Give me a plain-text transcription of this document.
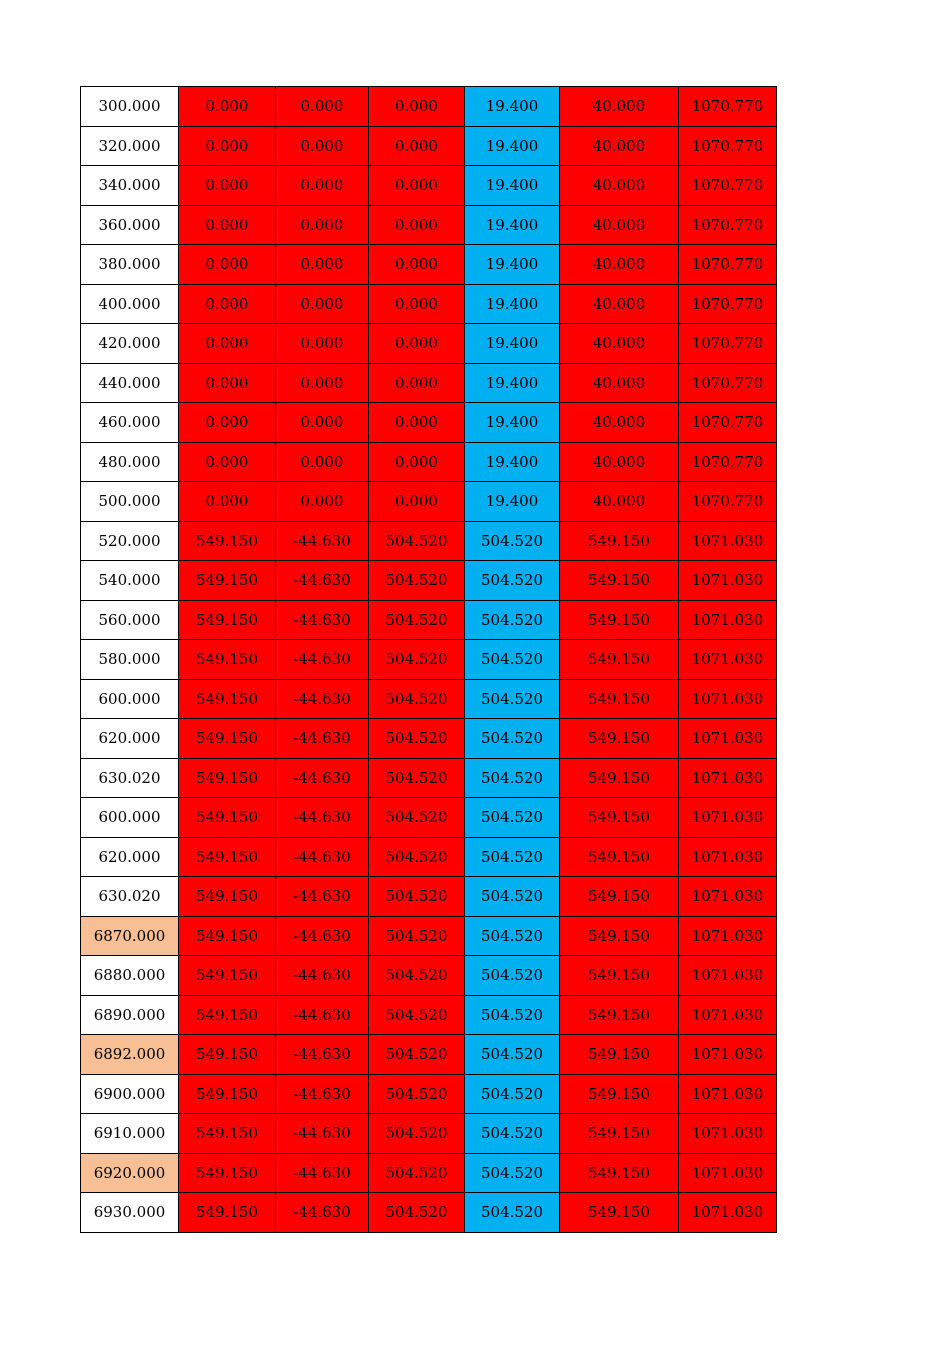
300.000	0.000	0.000	0.000	19.400	40.000	1070.770
320.000	0.000	0.000	0.000	19.400	40.000	1070.770
340.000	0.000	0.000	0.000	19.400	40.000	1070.770
360.000	0.000	0.000	0.000	19.400	40.000	1070.770
380.000	0.000	0.000	0.000	19.400	40.000	1070.770
400.000	0.000	0.000	0.000	19.400	40.000	1070.770
420.000	0.000	0.000	0.000	19.400	40.000	1070.770
440.000	0.000	0.000	0.000	19.400	40.000	1070.770
460.000	0.000	0.000	0.000	19.400	40.000	1070.770
480.000	0.000	0.000	0.000	19.400	40.000	1070.770
500.000	0.000	0.000	0.000	19.400	40.000	1070.770
520.000	549.150	-44.630	504.520	504.520	549.150	1071.030
540.000	549.150	-44.630	504.520	504.520	549.150	1071.030
560.000	549.150	-44.630	504.520	504.520	549.150	1071.030
580.000	549.150	-44.630	504.520	504.520	549.150	1071.030
600.000	549.150	-44.630	504.520	504.520	549.150	1071.030
620.000	549.150	-44.630	504.520	504.520	549.150	1071.030
630.020	549.150	-44.630	504.520	504.520	549.150	1071.030
600.000	549.150	-44.630	504.520	504.520	549.150	1071.030
620.000	549.150	-44.630	504.520	504.520	549.150	1071.030
630.020	549.150	-44.630	504.520	504.520	549.150	1071.030
6870.000	549.150	-44.630	504.520	504.520	549.150	1071.030
6880.000	549.150	-44.630	504.520	504.520	549.150	1071.030
6890.000	549.150	-44.630	504.520	504.520	549.150	1071.030
6892.000	549.150	-44.630	504.520	504.520	549.150	1071.030
6900.000	549.150	-44.630	504.520	504.520	549.150	1071.030
6910.000	549.150	-44.630	504.520	504.520	549.150	1071.030
6920.000	549.150	-44.630	504.520	504.520	549.150	1071.030
6930.000	549.150	-44.630	504.520	504.520	549.150	1071.030
